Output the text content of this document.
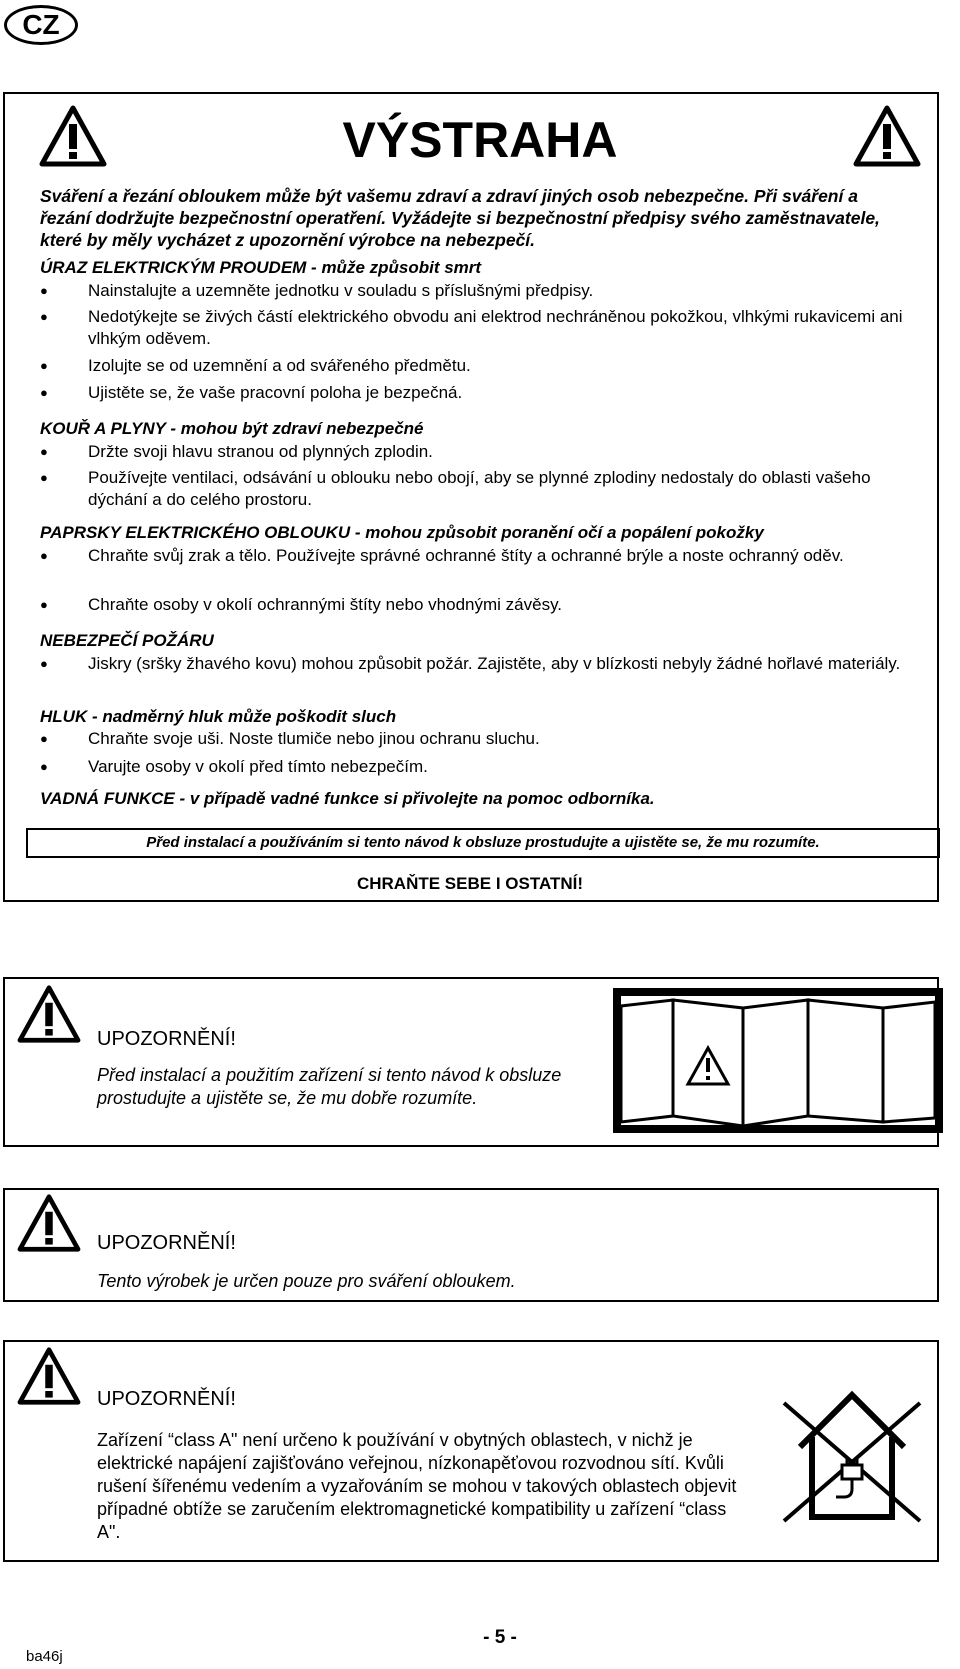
CZ
VÝSTRAHA

Sváření a řezání obloukem může být vašemu zdraví a zdraví jiných osob nebezpečne. Při sváření a řezání dodržujte bezpečnostní operatření. Vyžádejte si bezpečnostní předpisy svého zaměstnavatele, které by měly vycházet z upozornění výrobce na nebezpečí.

ÚRAZ ELEKTRICKÝM PROUDEM - může způsobit smrt

● Nainstalujte a uzemněte jednotku v souladu s příslušnými předpisy.

● Nedotýkejte se živých částí elektrického obvodu ani elektrod nechráněnou pokožkou, vlhkými rukavicemi ani vlhkým oděvem.

● Izolujte se od uzemnění a od svářeného předmětu.

● Ujistěte se, že vaše pracovní poloha je bezpečná.

KOUŘ A PLYNY - mohou být zdraví nebezpečné

● Držte svoji hlavu stranou od plynných zplodin.

● Používejte ventilaci, odsávání u oblouku nebo obojí, aby se plynné zplodiny nedostaly do oblasti vašeho dýchání a do celého prostoru.

PAPRSKY ELEKTRICKÉHO OBLOUKU - mohou způsobit poranění očí a popálení pokožky

● Chraňte svůj zrak a tělo. Používejte správné ochranné štíty a ochranné brýle a noste ochranný oděv.

● Chraňte osoby v okolí ochrannými štíty nebo vhodnými závěsy.

NEBEZPEČÍ POŽÁRU

● Jiskry (sršky žhavého kovu) mohou způsobit požár. Zajistěte, aby v blízkosti nebyly žádné hořlavé materiály.

HLUK - nadměrný hluk může poškodit sluch

● Chraňte svoje uši. Noste tlumiče nebo jinou ochranu sluchu.

● Varujte osoby v okolí před tímto nebezpečím.

VADNÁ FUNKCE - v případě vadné funkce si přivolejte na pomoc odborníka.

Před instalací a používáním si tento návod k obsluze prostudujte a ujistěte se, že mu rozumíte.

CHRAŇTE SEBE I OSTATNÍ!

UPOZORNĚNÍ!

Před instalací a použitím zařízení si tento návod k obsluze prostudujte a ujistěte se, že mu dobře rozumíte.

UPOZORNĚNÍ!

Tento výrobek je určen pouze pro sváření obloukem.

UPOZORNĚNÍ!

Zařízení “class A" není určeno k používání v obytných oblastech, v nichž je elektrické napájení zajišťováno veřejnou, nízkonapěťovou rozvodnou sítí. Kvůli rušení šířenému vedením a vyzařováním se mohou v takových oblastech objevit případné obtíže se zaručením elektromagnetické kompatibility u zařízení “class A".

- 5 -

ba46j
